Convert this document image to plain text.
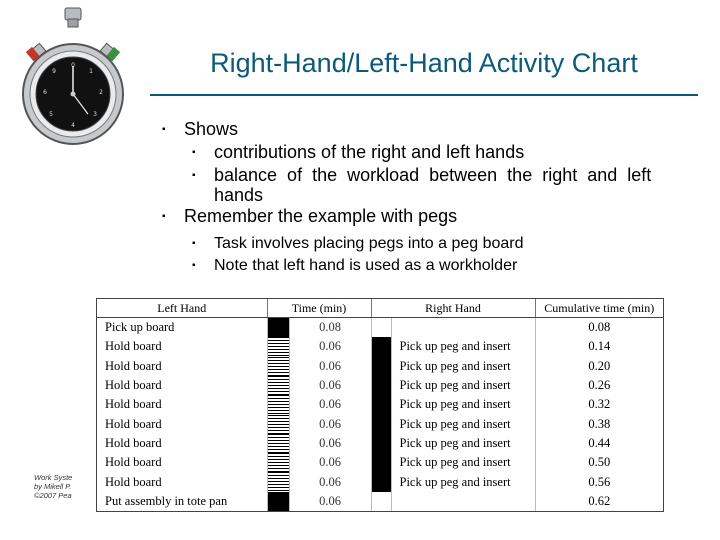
0
1
2
3
4
5
6
9	Right-Hand/Left-Hand Activity Chart
▪ Shows
▪ contributions of the right and left hands
▪ balance of the workload between the right and left
hands
▪ Remember the example with pegs
▪ Task involves placing pegs into a peg board
▪ Note that left hand is used as a workholder
Work Syste
by Mikell P.
©2007 Pea
Left Hand	Time (min)		Right Hand		Cumulative time (min)
Pick up board		0.08			0.08
Hold board		0.06		Pick up peg and insert	0.14
Hold board		0.06		Pick up peg and insert	0.20
Hold board		0.06		Pick up peg and insert	0.26
Hold board		0.06		Pick up peg and insert	0.32
Hold board		0.06		Pick up peg and insert	0.38
Hold board		0.06		Pick up peg and insert	0.44
Hold board		0.06		Pick up peg and insert	0.50
Hold board		0.06		Pick up peg and insert	0.56
Put assembly in tote pan		0.06			0.62
